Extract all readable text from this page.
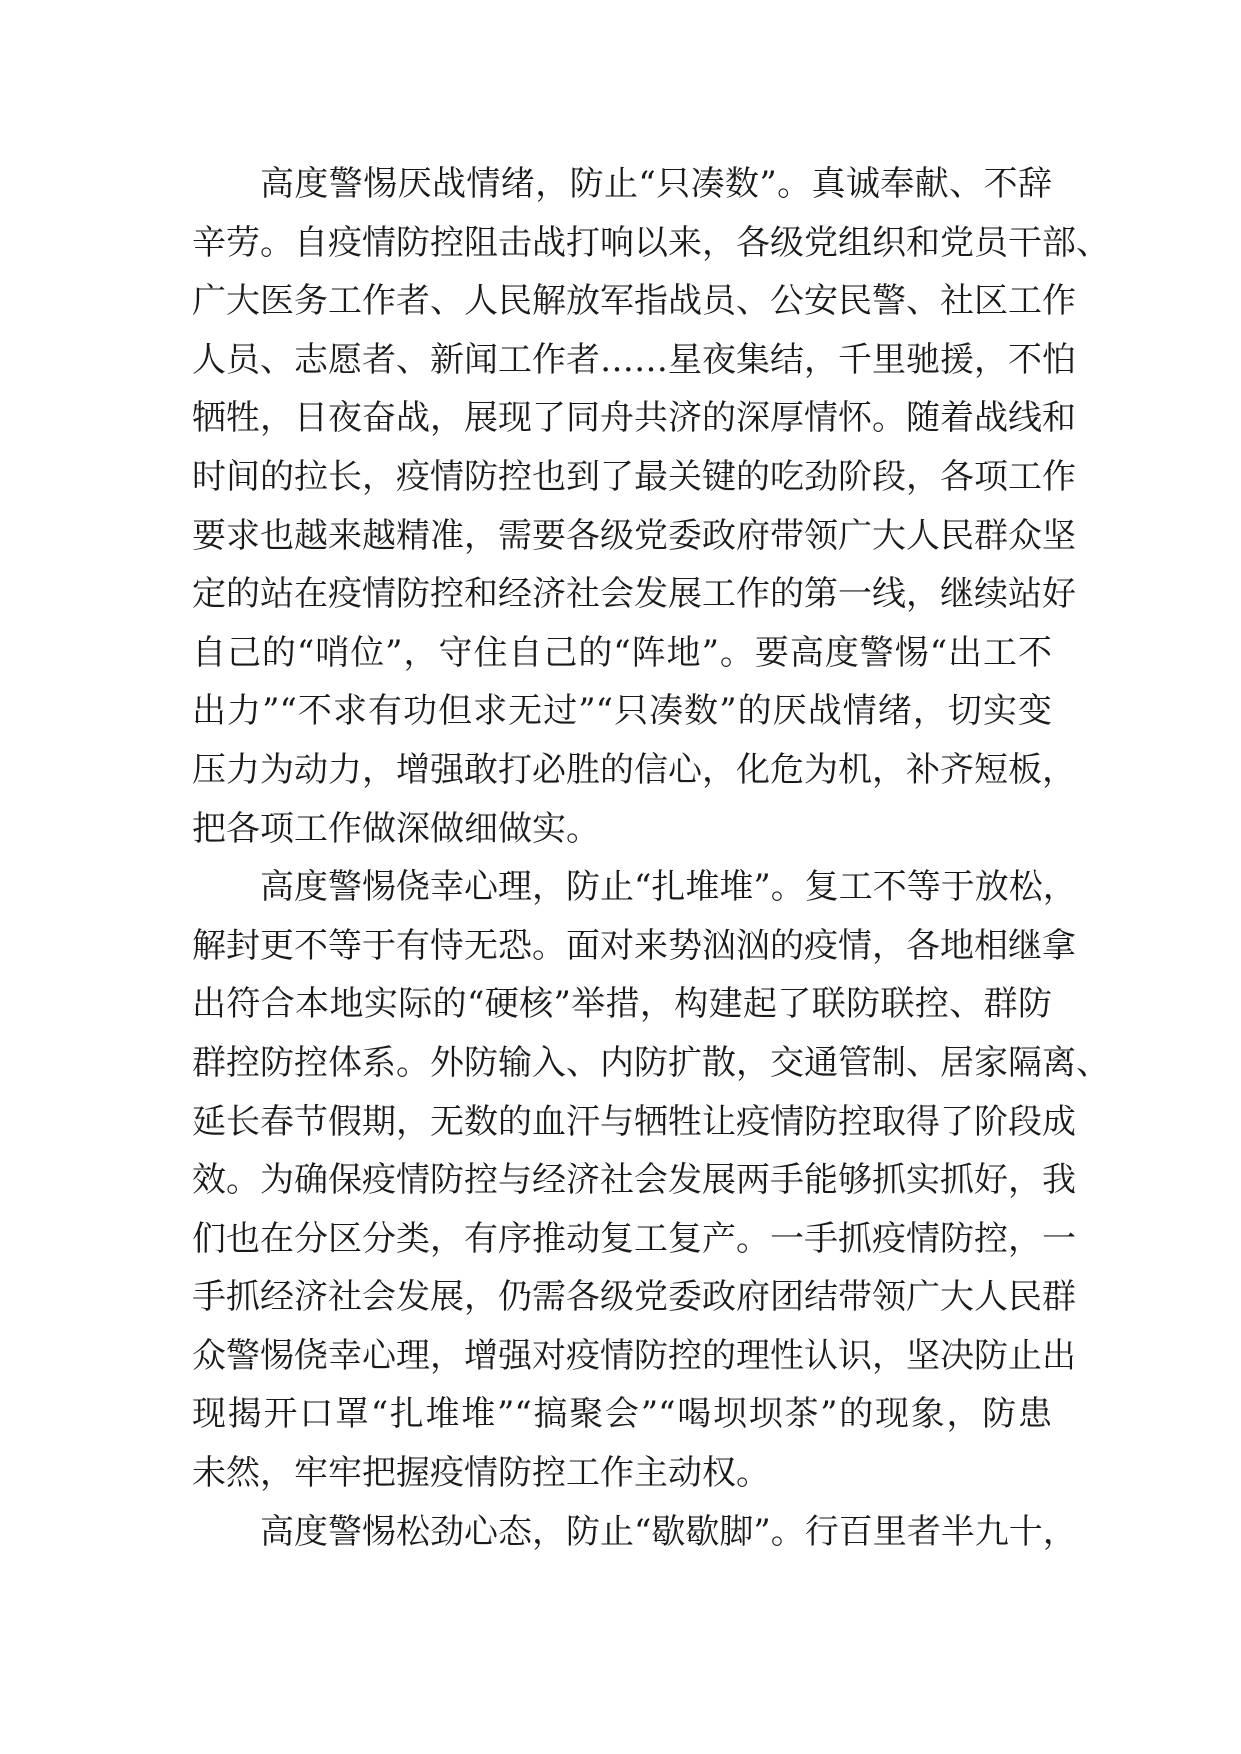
高度警惕厌战情绪，防止“只凑数”。真诚奉献、不辞
辛劳。自疫情防控阻击战打响以来，各级党组织和党员干部、
广大医务工作者、人民解放军指战员、公安民警、社区工作
人员、志愿者、新闻工作者……星夜集结，千里驰援，不怕
牺牲，日夜奋战，展现了同舟共济的深厚情怀。随着战线和
时间的拉长，疫情防控也到了最关键的吃劲阶段，各项工作
要求也越来越精准，需要各级党委政府带领广大人民群众坚
定的站在疫情防控和经济社会发展工作的第一线，继续站好
自己的“哨位”，守住自己的“阵地”。要高度警惕“出工不
出力”“不求有功但求无过”“只凑数”的厌战情绪，切实变
压力为动力，增强敢打必胜的信心，化危为机，补齐短板，
把各项工作做深做细做实。
高度警惕侥幸心理，防止“扎堆堆”。复工不等于放松，
解封更不等于有恃无恐。面对来势汹汹的疫情，各地相继拿
出符合本地实际的“硬核”举措，构建起了联防联控、群防
群控防控体系。外防输入、内防扩散，交通管制、居家隔离、
延长春节假期，无数的血汗与牺牲让疫情防控取得了阶段成
效。为确保疫情防控与经济社会发展两手能够抓实抓好，我
们也在分区分类，有序推动复工复产。一手抓疫情防控，一
手抓经济社会发展，仍需各级党委政府团结带领广大人民群
众警惕侥幸心理，增强对疫情防控的理性认识，坚决防止出
现揭开口罩“扎堆堆”“搞聚会”“喝坝坝茶”的现象，防患
未然，牢牢把握疫情防控工作主动权。
高度警惕松劲心态，防止“歇歇脚”。行百里者半九十，
